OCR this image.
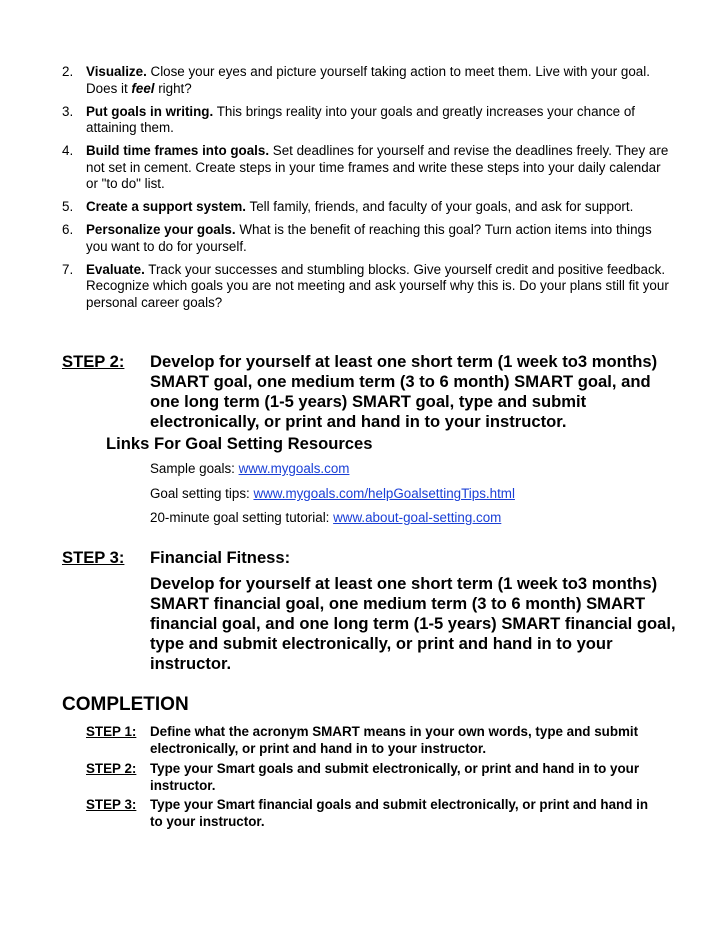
2. Visualize. Close your eyes and picture yourself taking action to meet them. Live with your goal. Does it feel right?
3. Put goals in writing. This brings reality into your goals and greatly increases your chance of attaining them.
4. Build time frames into goals. Set deadlines for yourself and revise the deadlines freely. They are not set in cement. Create steps in your time frames and write these steps into your daily calendar or "to do" list.
5. Create a support system. Tell family, friends, and faculty of your goals, and ask for support.
6. Personalize your goals. What is the benefit of reaching this goal? Turn action items into things you want to do for yourself.
7. Evaluate. Track your successes and stumbling blocks. Give yourself credit and positive feedback. Recognize which goals you are not meeting and ask yourself why this is. Do your plans still fit your personal career goals?
STEP 2: Develop for yourself at least one short term (1 week to3 months) SMART goal, one medium term (3 to 6 month) SMART goal, and one long term (1-5 years) SMART goal, type and submit electronically, or print and hand in to your instructor.
Links For Goal Setting Resources
Sample goals: www.mygoals.com
Goal setting tips: www.mygoals.com/helpGoalsettingTips.html
20-minute goal setting tutorial: www.about-goal-setting.com
STEP 3: Financial Fitness:
Develop for yourself at least one short term (1 week to3 months) SMART financial goal, one medium term (3 to 6 month) SMART financial goal, and one long term (1-5 years) SMART financial goal, type and submit electronically, or print and hand in to your instructor.
COMPLETION
STEP 1: Define what the acronym SMART means in your own words, type and submit electronically, or print and hand in to your instructor.
STEP 2: Type your Smart goals and submit electronically, or print and hand in to your instructor.
STEP 3: Type your Smart financial goals and submit electronically, or print and hand in to your instructor.
